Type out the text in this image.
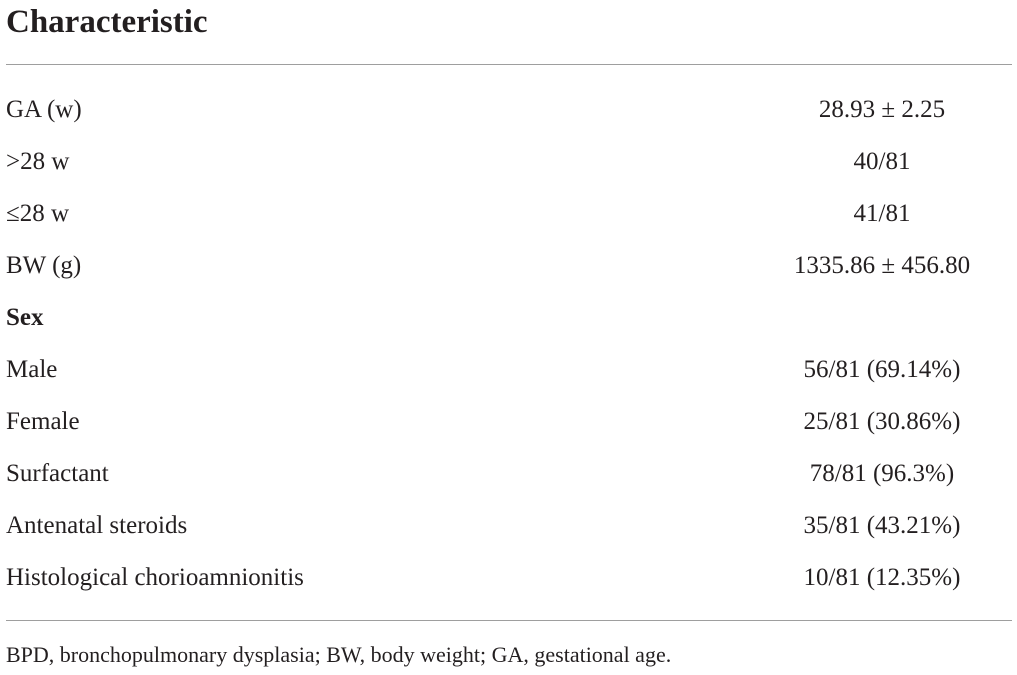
Characteristic
GA (w)	28.93 ± 2.25
>28 w	40/81
≤28 w	41/81
BW (g)	1335.86 ± 456.80
Sex
Male	56/81 (69.14%)
Female	25/81 (30.86%)
Surfactant	78/81 (96.3%)
Antenatal steroids	35/81 (43.21%)
Histological chorioamnionitis	10/81 (12.35%)
BPD, bronchopulmonary dysplasia; BW, body weight; GA, gestational age.
